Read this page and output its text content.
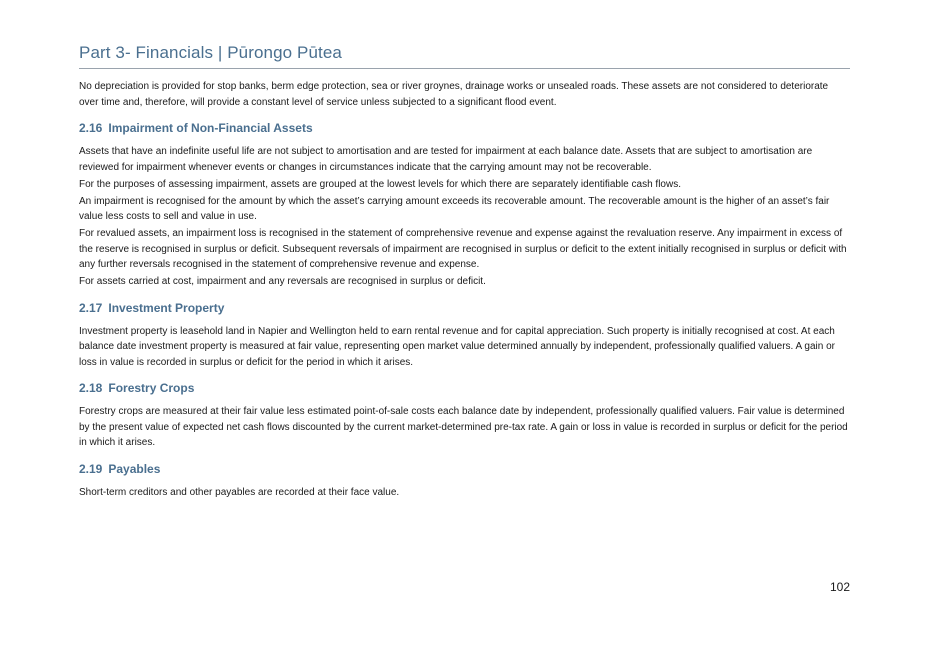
Part 3- Financials | Pūrongo Pūtea

No depreciation is provided for stop banks, berm edge protection, sea or river groynes, drainage works or unsealed roads. These assets are not considered to deteriorate over time and, therefore, will provide a constant level of service unless subjected to a significant flood event.

2.16 Impairment of Non-Financial Assets

Assets that have an indefinite useful life are not subject to amortisation and are tested for impairment at each balance date. Assets that are subject to amortisation are reviewed for impairment whenever events or changes in circumstances indicate that the carrying amount may not be recoverable.

For the purposes of assessing impairment, assets are grouped at the lowest levels for which there are separately identifiable cash flows.

An impairment is recognised for the amount by which the asset’s carrying amount exceeds its recoverable amount. The recoverable amount is the higher of an asset’s fair value less costs to sell and value in use.

For revalued assets, an impairment loss is recognised in the statement of comprehensive revenue and expense against the revaluation reserve. Any impairment in excess of the reserve is recognised in surplus or deficit. Subsequent reversals of impairment are recognised in surplus or deficit to the extent initially recognised in surplus or deficit with any further reversals recognised in the statement of comprehensive revenue and expense.

For assets carried at cost, impairment and any reversals are recognised in surplus or deficit.

2.17 Investment Property

Investment property is leasehold land in Napier and Wellington held to earn rental revenue and for capital appreciation. Such property is initially recognised at cost. At each balance date investment property is measured at fair value, representing open market value determined annually by independent, professionally qualified valuers. A gain or loss in value is recorded in surplus or deficit for the period in which it arises.

2.18 Forestry Crops

Forestry crops are measured at their fair value less estimated point-of-sale costs each balance date by independent, professionally qualified valuers. Fair value is determined by the present value of expected net cash flows discounted by the current market-determined pre-tax rate. A gain or loss in value is recorded in surplus or deficit for the period in which it arises.

2.19 Payables

Short-term creditors and other payables are recorded at their face value.

102
